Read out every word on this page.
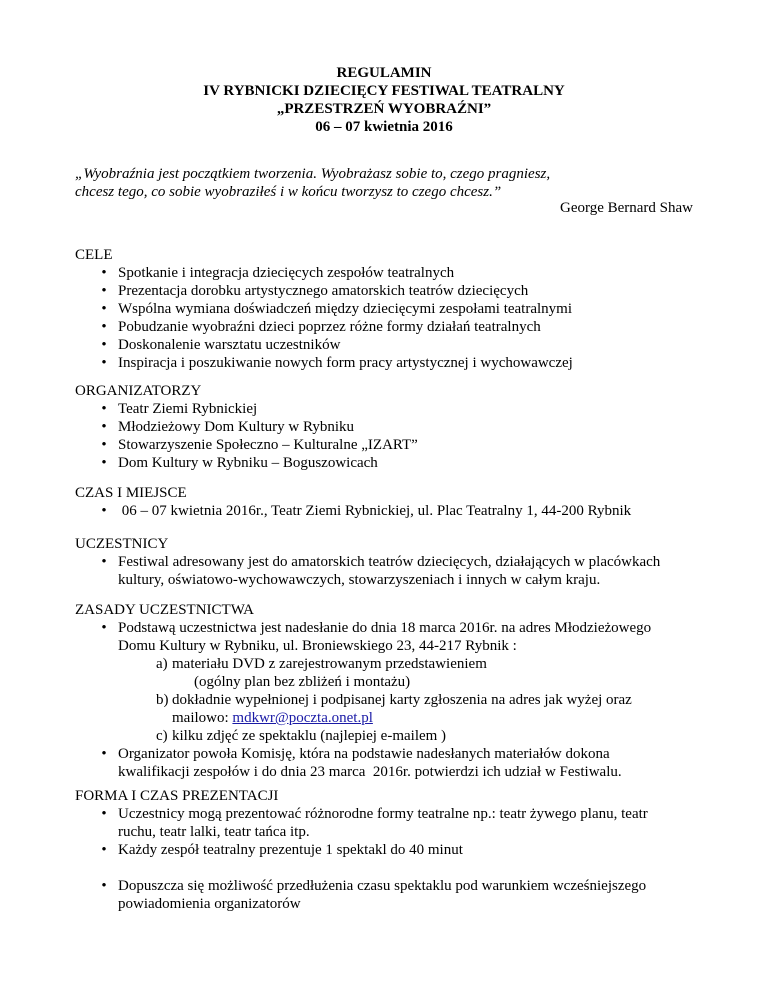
REGULAMIN
IV RYBNICKI DZIECIĘCY FESTIWAL TEATRALNY
„PRZESTRZEŃ WYOBRAŹNI”
06 – 07 kwietnia 2016
„Wyobraźnia jest początkiem tworzenia. Wyobrażasz sobie to, czego pragniesz,
chcesz tego, co sobie wyobraziłeś i w końcu tworzysz to czego chcesz.”
George Bernard Shaw
CELE
• Spotkanie i integracja dziecięcych zespołów teatralnych
• Prezentacja dorobku artystycznego amatorskich teatrów dziecięcych
• Wspólna wymiana doświadczeń między dziecięcymi zespołami teatralnymi
• Pobudzanie wyobraźni dzieci poprzez różne formy działań teatralnych
• Doskonalenie warsztatu uczestników
• Inspiracja i poszukiwanie nowych form pracy artystycznej i wychowawczej
ORGANIZATORZY
• Teatr Ziemi Rybnickiej
• Młodzieżowy Dom Kultury w Rybniku
• Stowarzyszenie Społeczno – Kulturalne „IZART”
• Dom Kultury w Rybniku – Boguszowicach
CZAS I MIEJSCE
• 06 – 07 kwietnia 2016r., Teatr Ziemi Rybnickiej, ul. Plac Teatralny 1, 44-200 Rybnik
UCZESTNICY
• Festiwal adresowany jest do amatorskich teatrów dziecięcych, działających w placówkach
kultury, oświatowo-wychowawczych, stowarzyszeniach i innych w całym kraju.
ZASADY UCZESTNICTWA
• Podstawą uczestnictwa jest nadesłanie do dnia 18 marca 2016r. na adres Młodzieżowego
Domu Kultury w Rybniku, ul. Broniewskiego 23, 44-217 Rybnik :
a) materiału DVD z zarejestrowanym przedstawieniem
(ogólny plan bez zbliżeń i montażu)
b) dokładnie wypełnionej i podpisanej karty zgłoszenia na adres jak wyżej oraz
mailowo: mdkwr@poczta.onet.pl
c) kilku zdjęć ze spektaklu (najlepiej e-mailem )
• Organizator powoła Komisję, która na podstawie nadesłanych materiałów dokona
kwalifikacji zespołów i do dnia 23 marca  2016r. potwierdzi ich udział w Festiwalu.
FORMA I CZAS PREZENTACJI
• Uczestnicy mogą prezentować różnorodne formy teatralne np.: teatr żywego planu, teatr
ruchu, teatr lalki, teatr tańca itp.
• Każdy zespół teatralny prezentuje 1 spektakl do 40 minut
• Dopuszcza się możliwość przedłużenia czasu spektaklu pod warunkiem wcześniejszego
powiadomienia organizatorów
